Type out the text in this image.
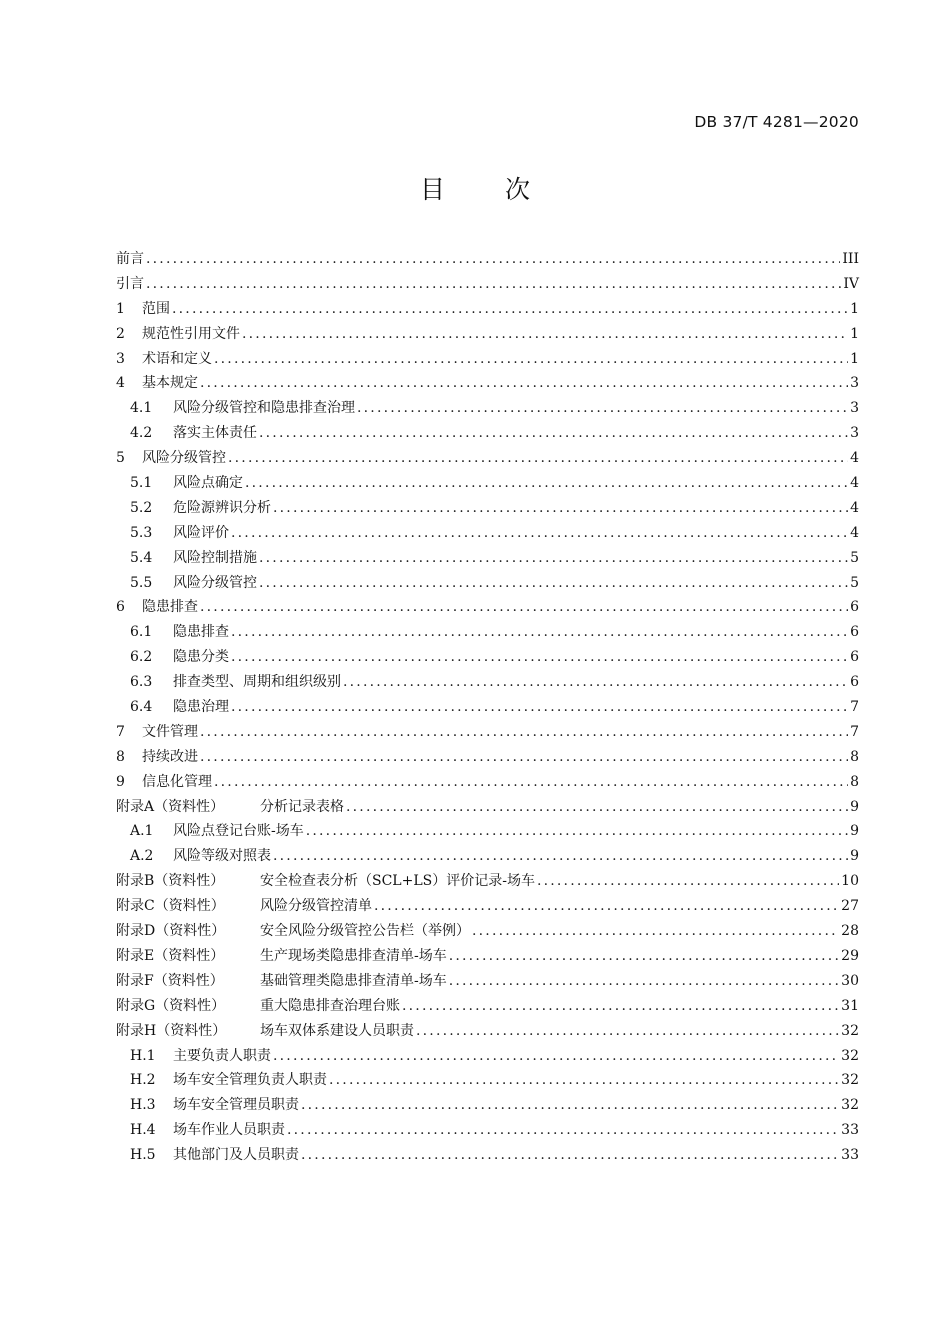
DB 37/T 4281—2020
目 次
前言 .....	III
引言 .....	IV
1	范围 .....	1
2	规范性引用文件 .....	1
3	术语和定义 .....	1
4	基本规定 .....	3
4.1	风险分级管控和隐患排查治理 .....	3
4.2	落实主体责任 .....	3
5	风险分级管控 .....	4
5.1	风险点确定 .....	4
5.2	危险源辨识分析 .....	4
5.3	风险评价 .....	4
5.4	风险控制措施 .....	5
5.5	风险分级管控 .....	5
6	隐患排查 .....	6
6.1	隐患排查 .....	6
6.2	隐患分类 .....	6
6.3	排查类型、周期和组织级别 .....	6
6.4	隐患治理 .....	7
7	文件管理 .....	7
8	持续改进 .....	8
9	信息化管理 .....	8
附录A（资料性）	分析记录表格 .....	9
A.1	风险点登记台账-场车 .....	9
A.2	风险等级对照表 .....	9
附录B（资料性）	安全检查表分析（SCL+LS）评价记录-场车 .....	10
附录C（资料性）	风险分级管控清单 .....	27
附录D（资料性）	安全风险分级管控公告栏（举例） .....	28
附录E（资料性）	生产现场类隐患排查清单-场车 .....	29
附录F（资料性）	基础管理类隐患排查清单-场车 .....	30
附录G（资料性）	重大隐患排查治理台账 .....	31
附录H（资料性）	场车双体系建设人员职责 .....	32
H.1	主要负责人职责 .....	32
H.2	场车安全管理负责人职责 .....	32
H.3	场车安全管理员职责 .....	32
H.4	场车作业人员职责 .....	33
H.5	其他部门及人员职责 .....	33
